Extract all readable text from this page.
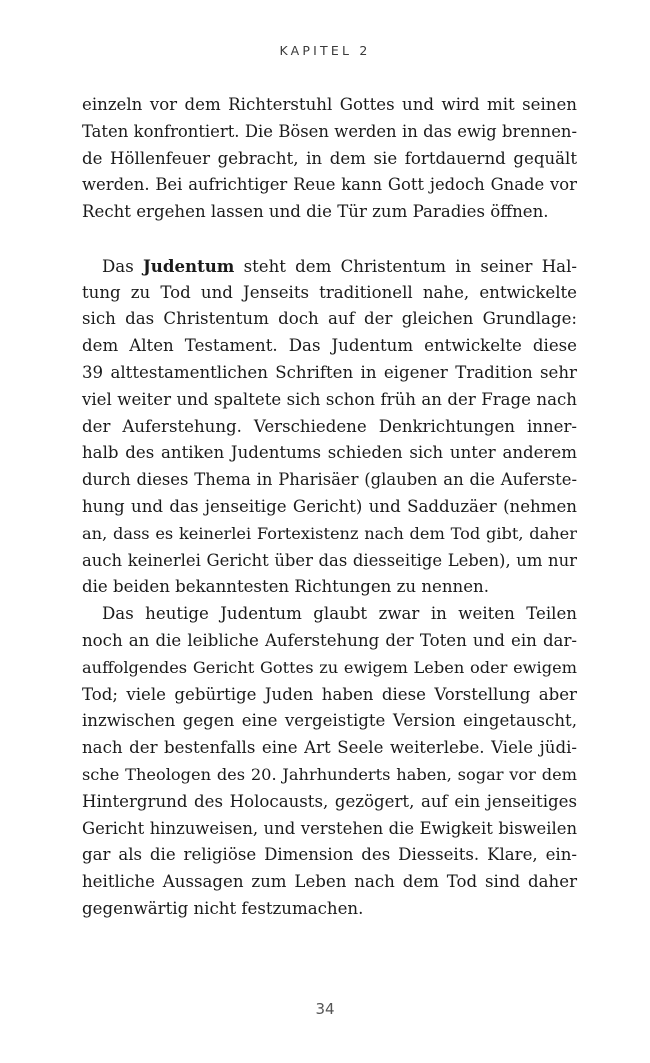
KAPITEL 2
einzeln vor dem Richterstuhl Gottes und wird mit seinen
Taten konfrontiert. Die Bösen werden in das ewig brennen-
de Höllenfeuer gebracht, in dem sie fortdauernd gequält
werden. Bei aufrichtiger Reue kann Gott jedoch Gnade vor
Recht ergehen lassen und die Tür zum Paradies öffnen.
Das Judentum steht dem Christentum in seiner Hal-
tung zu Tod und Jenseits traditionell nahe, entwickelte
sich das Christentum doch auf der gleichen Grundlage:
dem Alten Testament. Das Judentum entwickelte diese
39 alttestamentlichen Schriften in eigener Tradition sehr
viel weiter und spaltete sich schon früh an der Frage nach
der Auferstehung. Verschiedene Denkrichtungen inner-
halb des antiken Judentums schieden sich unter anderem
durch dieses Thema in Pharisäer (glauben an die Auferste-
hung und das jenseitige Gericht) und Sadduzäer (nehmen
an, dass es keinerlei Fortexistenz nach dem Tod gibt, daher
auch keinerlei Gericht über das diesseitige Leben), um nur
die beiden bekanntesten Richtungen zu nennen.
Das heutige Judentum glaubt zwar in weiten Teilen
noch an die leibliche Auferstehung der Toten und ein dar-
auffolgendes Gericht Gottes zu ewigem Leben oder ewigem
Tod; viele gebürtige Juden haben diese Vorstellung aber
inzwischen gegen eine vergeistigte Version eingetauscht,
nach der bestenfalls eine Art Seele weiterlebe. Viele jüdi-
sche Theologen des 20. Jahrhunderts haben, sogar vor dem
Hintergrund des Holocausts, gezögert, auf ein jenseitiges
Gericht hinzuweisen, und verstehen die Ewigkeit bisweilen
gar als die religiöse Dimension des Diesseits. Klare, ein-
heitliche Aussagen zum Leben nach dem Tod sind daher
gegenwärtig nicht festzumachen.
34
